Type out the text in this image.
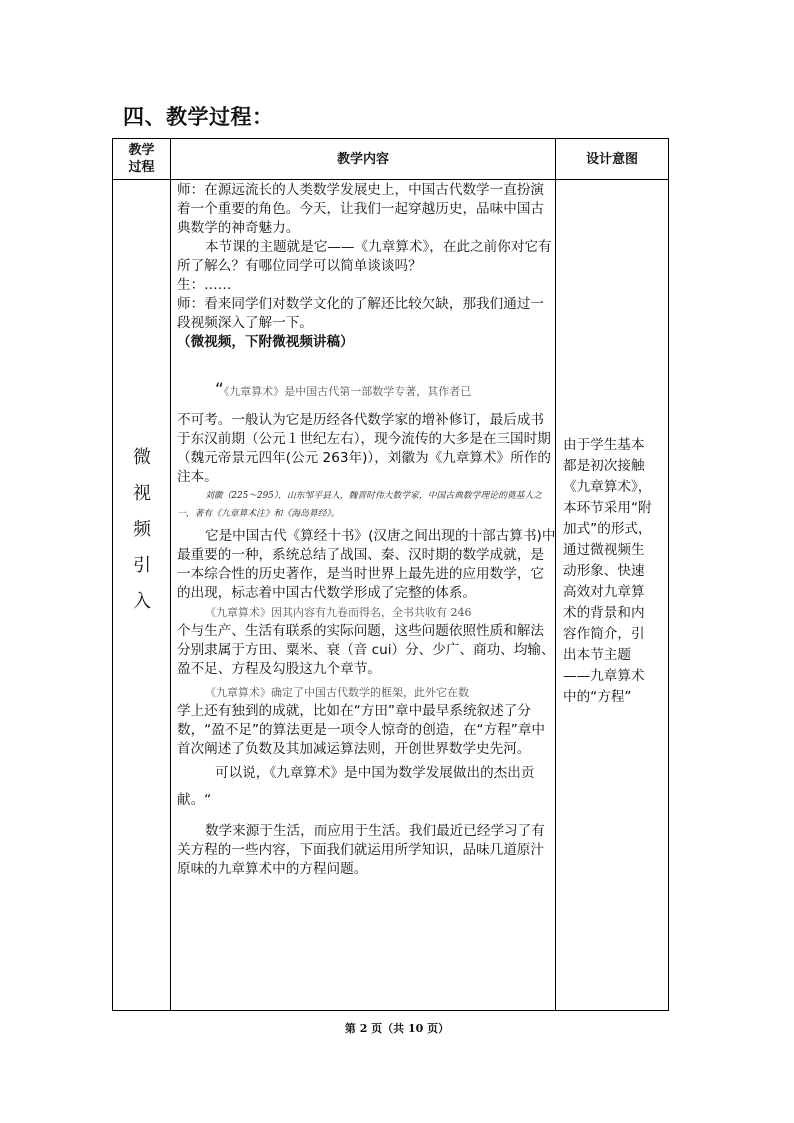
四、教学过程：
教学过程
教学内容	设计意图
微视频引入

师：在源远流长的人类数学发展史上，中国古代数学一直扮演着一个重要的角色。今天，让我们一起穿越历史，品味中国古典数学的神奇魅力。

本节课的主题就是它——《九章算术》，在此之前你对它有所了解么？有哪位同学可以简单谈谈吗？

生：……

师：看来同学们对数学文化的了解还比较欠缺，那我们通过一段视频深入了解一下。

（微视频，下附微视频讲稿）

“《九章算术》是中国古代第一部数学专著，其作者已

不可考。一般认为它是历经各代数学家的增补修订，最后成书于东汉前期（公元１世纪左右），现今流传的大多是在三国时期（魏元帝景元四年(公元 263年)），刘徽为《九章算术》所作的注本。

刘徽（225～295），山东邹平县人，魏晋时伟大数学家，中国古典数学理论的奠基人之一，著有《九章算术注》和《海岛算经》。

它是中国古代《算经十书》(汉唐之间出现的十部古算书)中最重要的一种，系统总结了战国、秦、汉时期的数学成就，是一本综合性的历史著作，是当时世界上最先进的应用数学，它的出现，标志着中国古代数学形成了完整的体系。

《九章算术》因其内容有九卷而得名，全书共收有 246

个与生产、生活有联系的实际问题，这些问题依照性质和解法分别隶属于方田、粟米、衰（音 cui）分、少广、商功、均输、盈不足、方程及勾股这九个章节。

《九章算术》确定了中国古代数学的框架，此外它在数

学上还有独到的成就，比如在“方田”章中最早系统叙述了分数，“盈不足”的算法更是一项令人惊奇的创造，在“方程”章中首次阐述了负数及其加减运算法则，开创世界数学史先河。

可以说，《九章算术》是中国为数学发展做出的杰出贡

献。“

数学来源于生活，而应用于生活。我们最近已经学习了有关方程的一些内容，下面我们就运用所学知识，品味几道原汁原味的九章算术中的方程问题。

由于学生基本都是初次接触《九章算术》，本环节采用“附加式”的形式，通过微视频生动形象、快速高效对九章算术的背景和内容作简介，引出本节主题——九章算术中的“方程”
第 2 页（共 10 页）
